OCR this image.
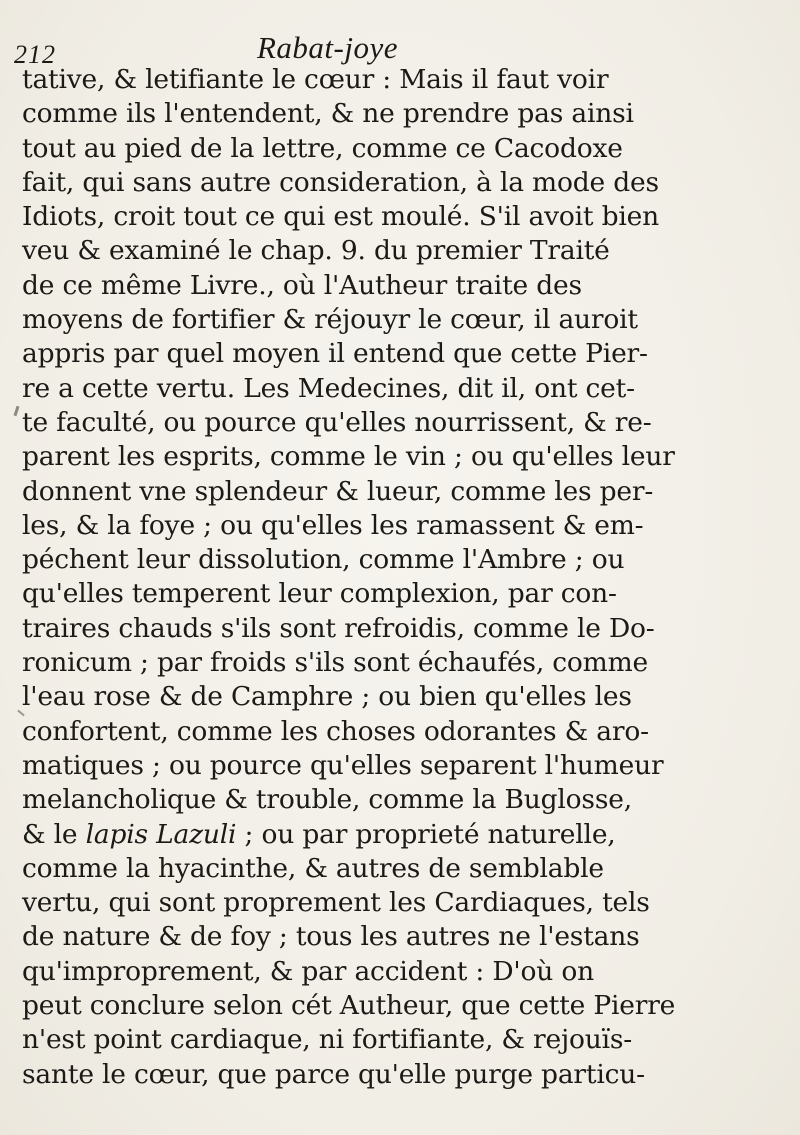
212	Rabat-joye
tative, & letifiante le cœur : Mais il faut voir
comme ils l'entendent, & ne prendre pas ainsi
tout au pied de la lettre, comme ce Cacodoxe
fait, qui sans autre consideration, à la mode des
Idiots, croit tout ce qui est moulé. S'il avoit bien
veu & examiné le chap. 9. du premier Traité
de ce même Livre., où l'Autheur traite des
moyens de fortifier & réjouyr le cœur, il auroit
appris par quel moyen il entend que cette Pier-
re a cette vertu. Les Medecines, dit il, ont cet-
te faculté, ou pource qu'elles nourrissent, & re-
parent les esprits, comme le vin ; ou qu'elles leur
donnent vne splendeur & lueur, comme les per-
les, & la foye ; ou qu'elles les ramassent & em-
péchent leur dissolution, comme l'Ambre ; ou
qu'elles temperent leur complexion, par con-
traires chauds s'ils sont refroidis, comme le Do-
ronicum ; par froids s'ils sont échaufés, comme
l'eau rose & de Camphre ; ou bien qu'elles les
confortent, comme les choses odorantes & aro-
matiques ; ou pource qu'elles separent l'humeur
melancholique & trouble, comme la Buglosse,
& le lapis Lazuli ; ou par proprieté naturelle,
comme la hyacinthe, & autres de semblable
vertu, qui sont proprement les Cardiaques, tels
de nature & de foy ; tous les autres ne l'estans
qu'improprement, & par accident : D'où on
peut conclure selon cét Autheur, que cette Pierre
n'est point cardiaque, ni fortifiante, & rejouïs-
sante le cœur, que parce qu'elle purge particu-
